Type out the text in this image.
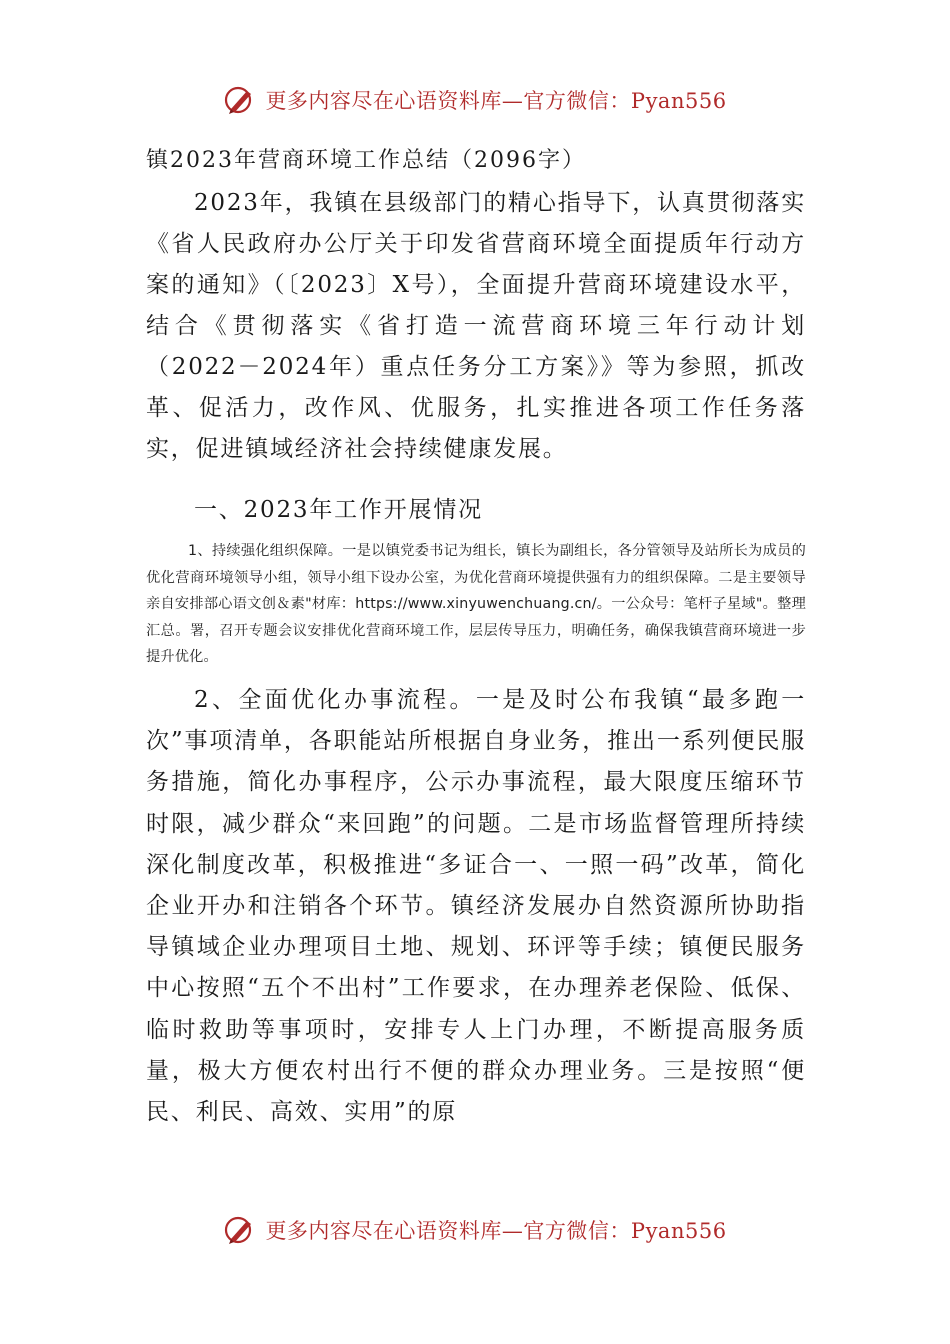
更多内容尽在心语资料库—官方微信：Pyan556
镇2023年营商环境工作总结（2096字）

2023年，我镇在县级部门的精心指导下，认真贯彻落实《省人民政府办公厅关于印发省营商环境全面提质年行动方案的通知》（〔2023〕X号），全面提升营商环境建设水平，结合《贯彻落实《省打造一流营商环境三年行动计划（2022－2024年）重点任务分工方案》》等为参照，抓改革、促活力，改作风、优服务，扎实推进各项工作任务落实，促进镇域经济社会持续健康发展。

一、2023年工作开展情况

1、持续强化组织保障。一是以镇党委书记为组长，镇长为副组长，各分管领导及站所长为成员的优化营商环境领导小组，领导小组下设办公室，为优化营商环境提供强有力的组织保障。二是主要领导亲自安排部心语文创＆素"材库：https://www.xinyuwenchuang.cn/。一公众号：笔杆子星域"。整理汇总。署，召开专题会议安排优化营商环境工作，层层传导压力，明确任务，确保我镇营商环境进一步提升优化。

2、全面优化办事流程。一是及时公布我镇“最多跑一次”事项清单，各职能站所根据自身业务，推出一系列便民服务措施，简化办事程序，公示办事流程，最大限度压缩环节时限，减少群众“来回跑”的问题。二是市场监督管理所持续深化制度改革，积极推进“多证合一、一照一码”改革，简化企业开办和注销各个环节。镇经济发展办自然资源所协助指导镇域企业办理项目土地、规划、环评等手续；镇便民服务中心按照“五个不出村”工作要求，在办理养老保险、低保、临时救助等事项时，安排专人上门办理，不断提高服务质量，极大方便农村出行不便的群众办理业务。三是按照“便民、利民、高效、实用”的原

更多内容尽在心语资料库—官方微信：Pyan556
